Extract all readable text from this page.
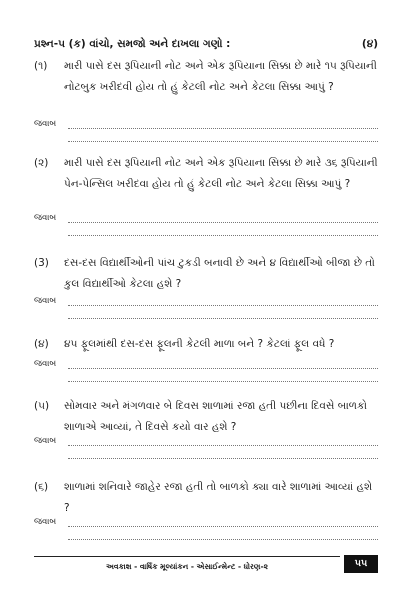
પ્રશ્ન-૫ (ક) વાંચો, સમજો અને દાખલા ગણો :	(૪)
(૧) મારી પાસે દસ રૂપિયાની નોટ અને એક રૂપિયાના સિક્કા છે મારે ૧૫ રૂપિયાની નોટબુક ખરીદવી હોય તો હું કેટલી નોટ અને કેટલા સિક્કા આપું ?
જવાબ
(૨) મારી પાસે દસ રૂપિયાની નોટ અને એક રૂપિયાના સિક્કા છે મારે ૩૬ રૂપિયાની પેન-પેન્સિલ ખરીદવા હોય તો હું કેટલી નોટ અને કેટલા સિક્કા આપું ?
જવાબ
(3) દસ-દસ વિદ્યાર્થીઓની પાંચ ટુકડી બનાવી છે અને ૪ વિદ્યાર્થીઓ બીજા છે તો કુલ વિદ્યાર્થીઓ કેટલા હશે ?
જવાબ
(૪) ૪૫ ફૂલમાંથી દસ-દસ ફૂલની કેટલી માળા બને ? કેટલાં ફૂલ વધે ?
જવાબ
(૫) સોમવાર અને મંગળવાર બે દિવસ શાળામાં રજા હતી પછીના દિવસે બાળકો શાળાએ આવ્યાં, તે દિવસે કયો વાર હશે ?
જવાબ
(૬) શાળામાં શનિવારે જાહેર રજા હતી તો બાળકો ક્યા વારે શાળામાં આવ્યાં હશે ?
જવાબ
અવકાશ - વાર્ષિક મૂલ્યાંકન - એસાઈન્મેન્ટ - ધોરણ-૨	૫૫
